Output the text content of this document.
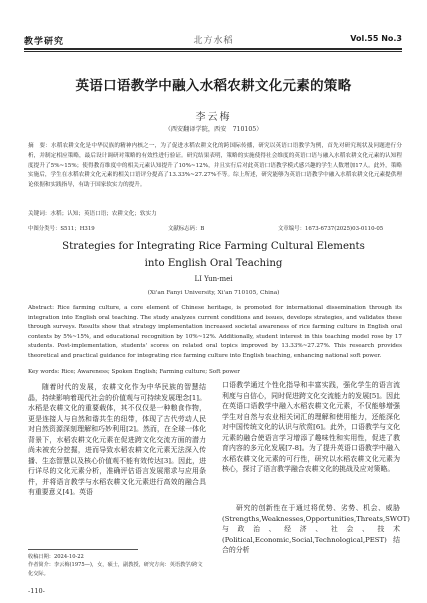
教学研究	北方水稻	Vol.55 No.3
英语口语教学中融入水稻农耕文化元素的策略
李云梅
（西安翻译学院，西安　710105）
摘　要：水稻农耕文化是中华民族的精神内核之一，为了促进水稻农耕文化的跨国际传播，研究以英语口语教学为例，首先对研究现状及问题进行分析，并制定相应策略，最后设计调研对策略的有效性进行验证。研究结果表明，策略的实施使得社会维度的英语口语与融入水稻农耕文化元素的认知程度提升了5%~15%；使得教育维度中的相关元素认知提升了10%~12%，并且实行后对此英语口语教学模式感兴趣的学生人数增加17人。此外，策略实施后，学生在水稻农耕文化元素的相关口语评分提高了13.33%~27.27%不等。综上所述，研究能够为英语口语教学中融入水稻农耕文化元素提供理论依据和实践指导，有助于国家软实力的提升。
关键词：水稻；认知；英语口语；农耕文化；软实力
中图分类号：S511；H319	文献标志码：B	文章编号：1673-6737(2025)03-0110-05
Strategies for Integrating Rice Farming Cultural Elements
into English Oral Teaching
LI Yun-mei
(Xi'an Fanyi University, Xi'an 710105, China)
Abstract: Rice farming culture, a core element of Chinese heritage, is promoted for international dissemination through its integration into English oral teaching. The study analyzes current conditions and issues, develops strategies, and validates these through surveys. Results show that strategy implementation increased societal awareness of rice farming culture in English oral contexts by 5%~15%, and educational recognition by 10%~12%. Additionally, student interest in this teaching model rose by 17 students. Post-implementation, students' scores on related oral topics improved by 13.33%~27.27%. This research provides theoretical and practical guidance for integrating rice farming culture into English teaching, enhancing national soft power.
Key words: Rice; Awareness; Spoken English; Farming culture; Soft power
随着时代的发展，农耕文化作为中华民族的智慧结晶，持续影响着现代社会的价值观与可持续发展理念[1]。水稻是农耕文化的重要载体，其不仅仅是一种粮食作物，更是连接人与自然和谐共生的纽带，体现了古代劳动人民对自然资源深刻理解和巧妙利用[2]。然而，在全球一体化背景下，水稻农耕文化元素在促进跨文化交流方面的潜力尚未被充分挖掘，进而导致水稻农耕文化元素无法深入传播、生态智慧以及核心价值观不能有效传达[3]。因此，进行详尽的文化元素分析，准确评估语言发展需求与应用条件，并将语言教学与水稻农耕文化元素进行高效的融合具有重要意义[4]。英语
口语教学通过个性化指导和丰富实践，强化学生的语言流利度与自信心，同时促进跨文化交流能力的发展[5]。因此在英语口语教学中融入水稻农耕文化元素，不仅能够增强学生对自然与农业相关词汇的理解和使用能力，还能深化对中国传统文化的认识与欣赏[6]。此外，口语教学与文化元素的融合使语言学习增添了趣味性和实用性，促进了教育内容的多元化发展[7-8]。为了提升英语口语教学中融入水稻农耕文化元素的可行性，研究以水稻农耕文化元素为核心，探讨了语言教学融合农耕文化的挑战及应对策略。
研究的创新性在于通过将优势、劣势、机会、威胁(Strengths,Weaknesses,Opportunities,Threats,SWOT)与政治、经济、社会、技术(Political,Economic,Social,Technological,PEST)结合的分析
收稿日期：2024-10-22
作者简介：李云梅(1975—)，女，硕士，副教授，研究方向：英语教学/跨文化交际。
-110-
